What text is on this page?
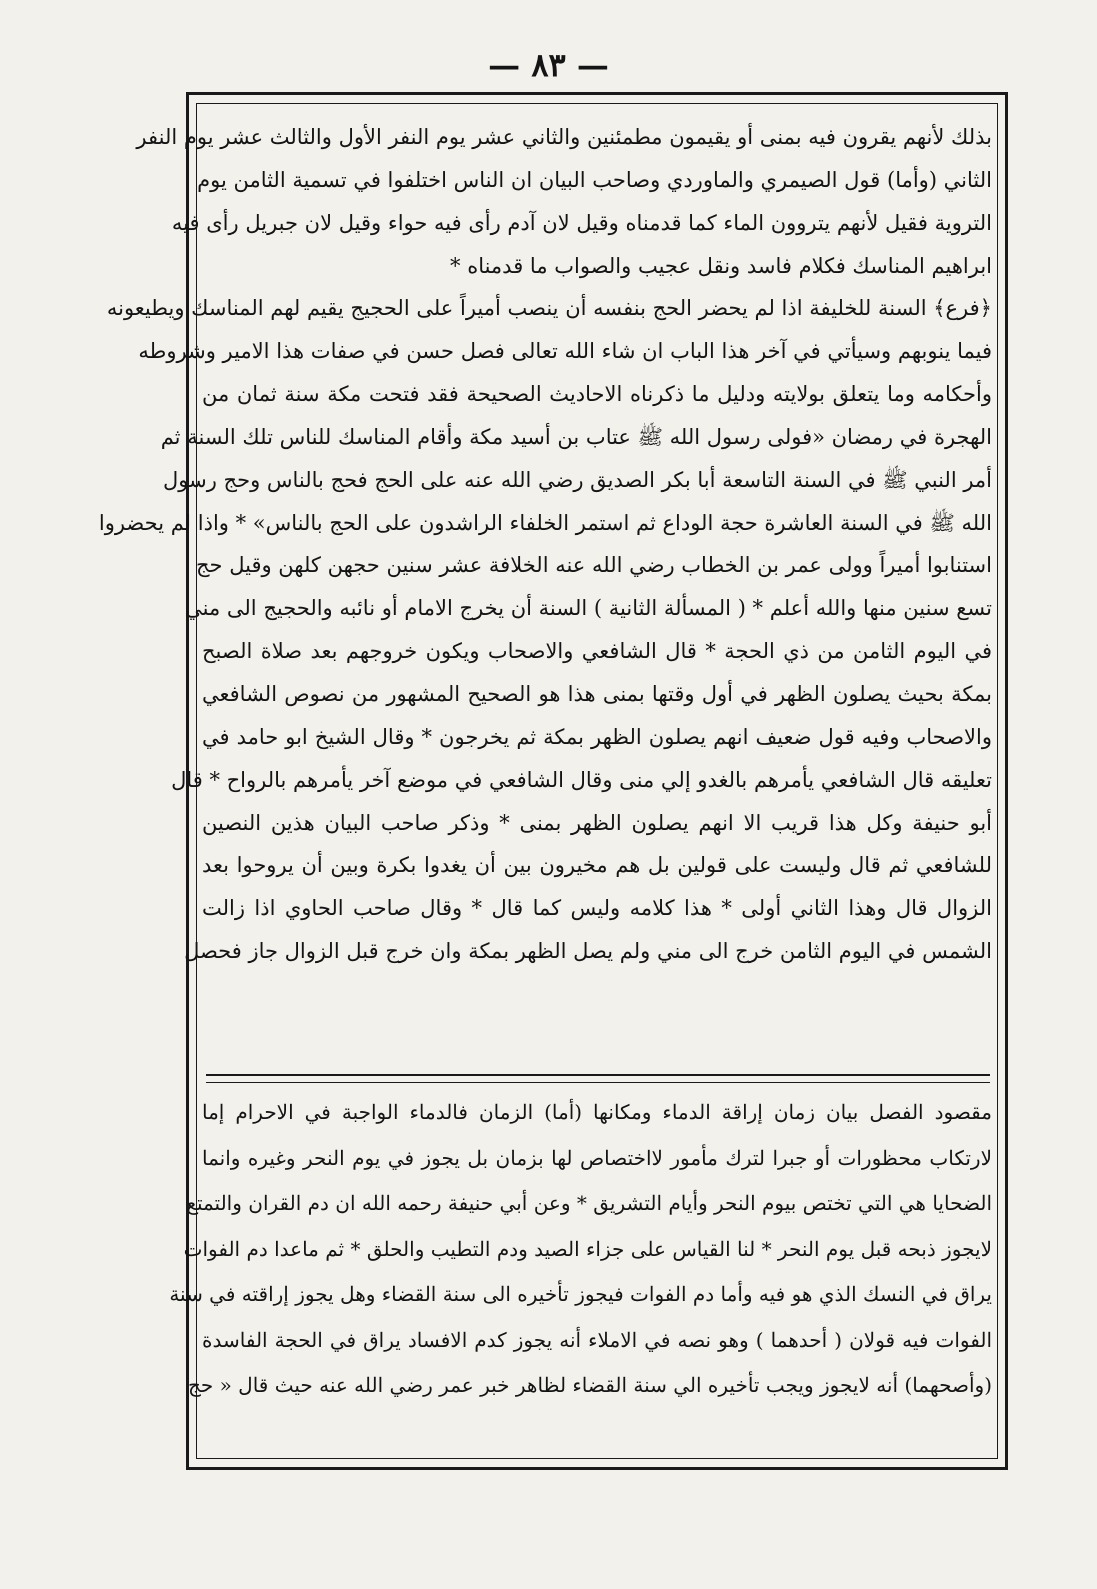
— ٨٣ —
بذلك لأنهم يقرون فيه بمنى أو يقيمون مطمئنين والثاني عشر يوم النفر الأول والثالث عشر يوم النفر
الثاني (وأما) قول الصيمري والماوردي وصاحب البيان ان الناس اختلفوا في تسمية الثامن يوم
التروية فقيل لأنهم يتروون الماء كما قدمناه وقيل لان آدم رأى فيه حواء وقيل لان جبريل رأى فيه
ابراهيم المناسك فكلام فاسد ونقل عجيب والصواب ما قدمناه *
﴿فرع﴾ السنة للخليفة اذا لم يحضر الحج بنفسه أن ينصب أميراً على الحجيج يقيم لهم المناسك ويطيعونه
فيما ينوبهم وسيأتي في آخر هذا الباب ان شاء الله تعالى فصل حسن في صفات هذا الامير وشروطه
وأحكامه وما يتعلق بولايته ودليل ما ذكرناه الاحاديث الصحيحة فقد فتحت مكة سنة ثمان من
الهجرة في رمضان «فولى رسول الله ﷺ عتاب بن أسيد مكة وأقام المناسك للناس تلك السنة ثم
أمر النبي ﷺ في السنة التاسعة أبا بكر الصديق رضي الله عنه على الحج فحج بالناس وحج رسول
الله ﷺ في السنة العاشرة حجة الوداع ثم استمر الخلفاء الراشدون على الحج بالناس» * واذا لم يحضروا
استنابوا أميراً وولى عمر بن الخطاب رضي الله عنه الخلافة عشر سنين حجهن كلهن وقيل حج
تسع سنين منها والله أعلم * ( المسألة الثانية ) السنة أن يخرج الامام أو نائبه والحجيج الى مني
في اليوم الثامن من ذي الحجة * قال الشافعي والاصحاب ويكون خروجهم بعد صلاة الصبح
بمكة بحيث يصلون الظهر في أول وقتها بمنى هذا هو الصحيح المشهور من نصوص الشافعي
والاصحاب وفيه قول ضعيف انهم يصلون الظهر بمكة ثم يخرجون * وقال الشيخ ابو حامد في
تعليقه قال الشافعي يأمرهم بالغدو إلي منى وقال الشافعي في موضع آخر يأمرهم بالرواح * قال
أبو حنيفة وكل هذا قريب الا انهم يصلون الظهر بمنى * وذكر صاحب البيان هذين النصين
للشافعي ثم قال وليست على قولين بل هم مخيرون بين أن يغدوا بكرة وبين أن يروحوا بعد
الزوال قال وهذا الثاني أولى * هذا كلامه وليس كما قال * وقال صاحب الحاوي اذا زالت
الشمس في اليوم الثامن خرج الى مني ولم يصل الظهر بمكة وان خرج قبل الزوال جاز فحصل
مقصود الفصل بيان زمان إراقة الدماء ومكانها (أما) الزمان فالدماء الواجبة في الاحرام إما
لارتكاب محظورات أو جبرا لترك مأمور لااختصاص لها بزمان بل يجوز في يوم النحر وغيره وانما
الضحايا هي التي تختص بيوم النحر وأيام التشريق * وعن أبي حنيفة رحمه الله ان دم القران والتمتع
لايجوز ذبحه قبل يوم النحر * لنا القياس على جزاء الصيد ودم التطيب والحلق * ثم ماعدا دم الفوات
يراق في النسك الذي هو فيه وأما دم الفوات فيجوز تأخيره الى سنة القضاء وهل يجوز إراقته في سنة
الفوات فيه قولان ( أحدهما ) وهو نصه في الاملاء أنه يجوز كدم الافساد يراق في الحجة الفاسدة
(وأصحهما) أنه لايجوز ويجب تأخيره الي سنة القضاء لظاهر خبر عمر رضي الله عنه حيث قال « حج
